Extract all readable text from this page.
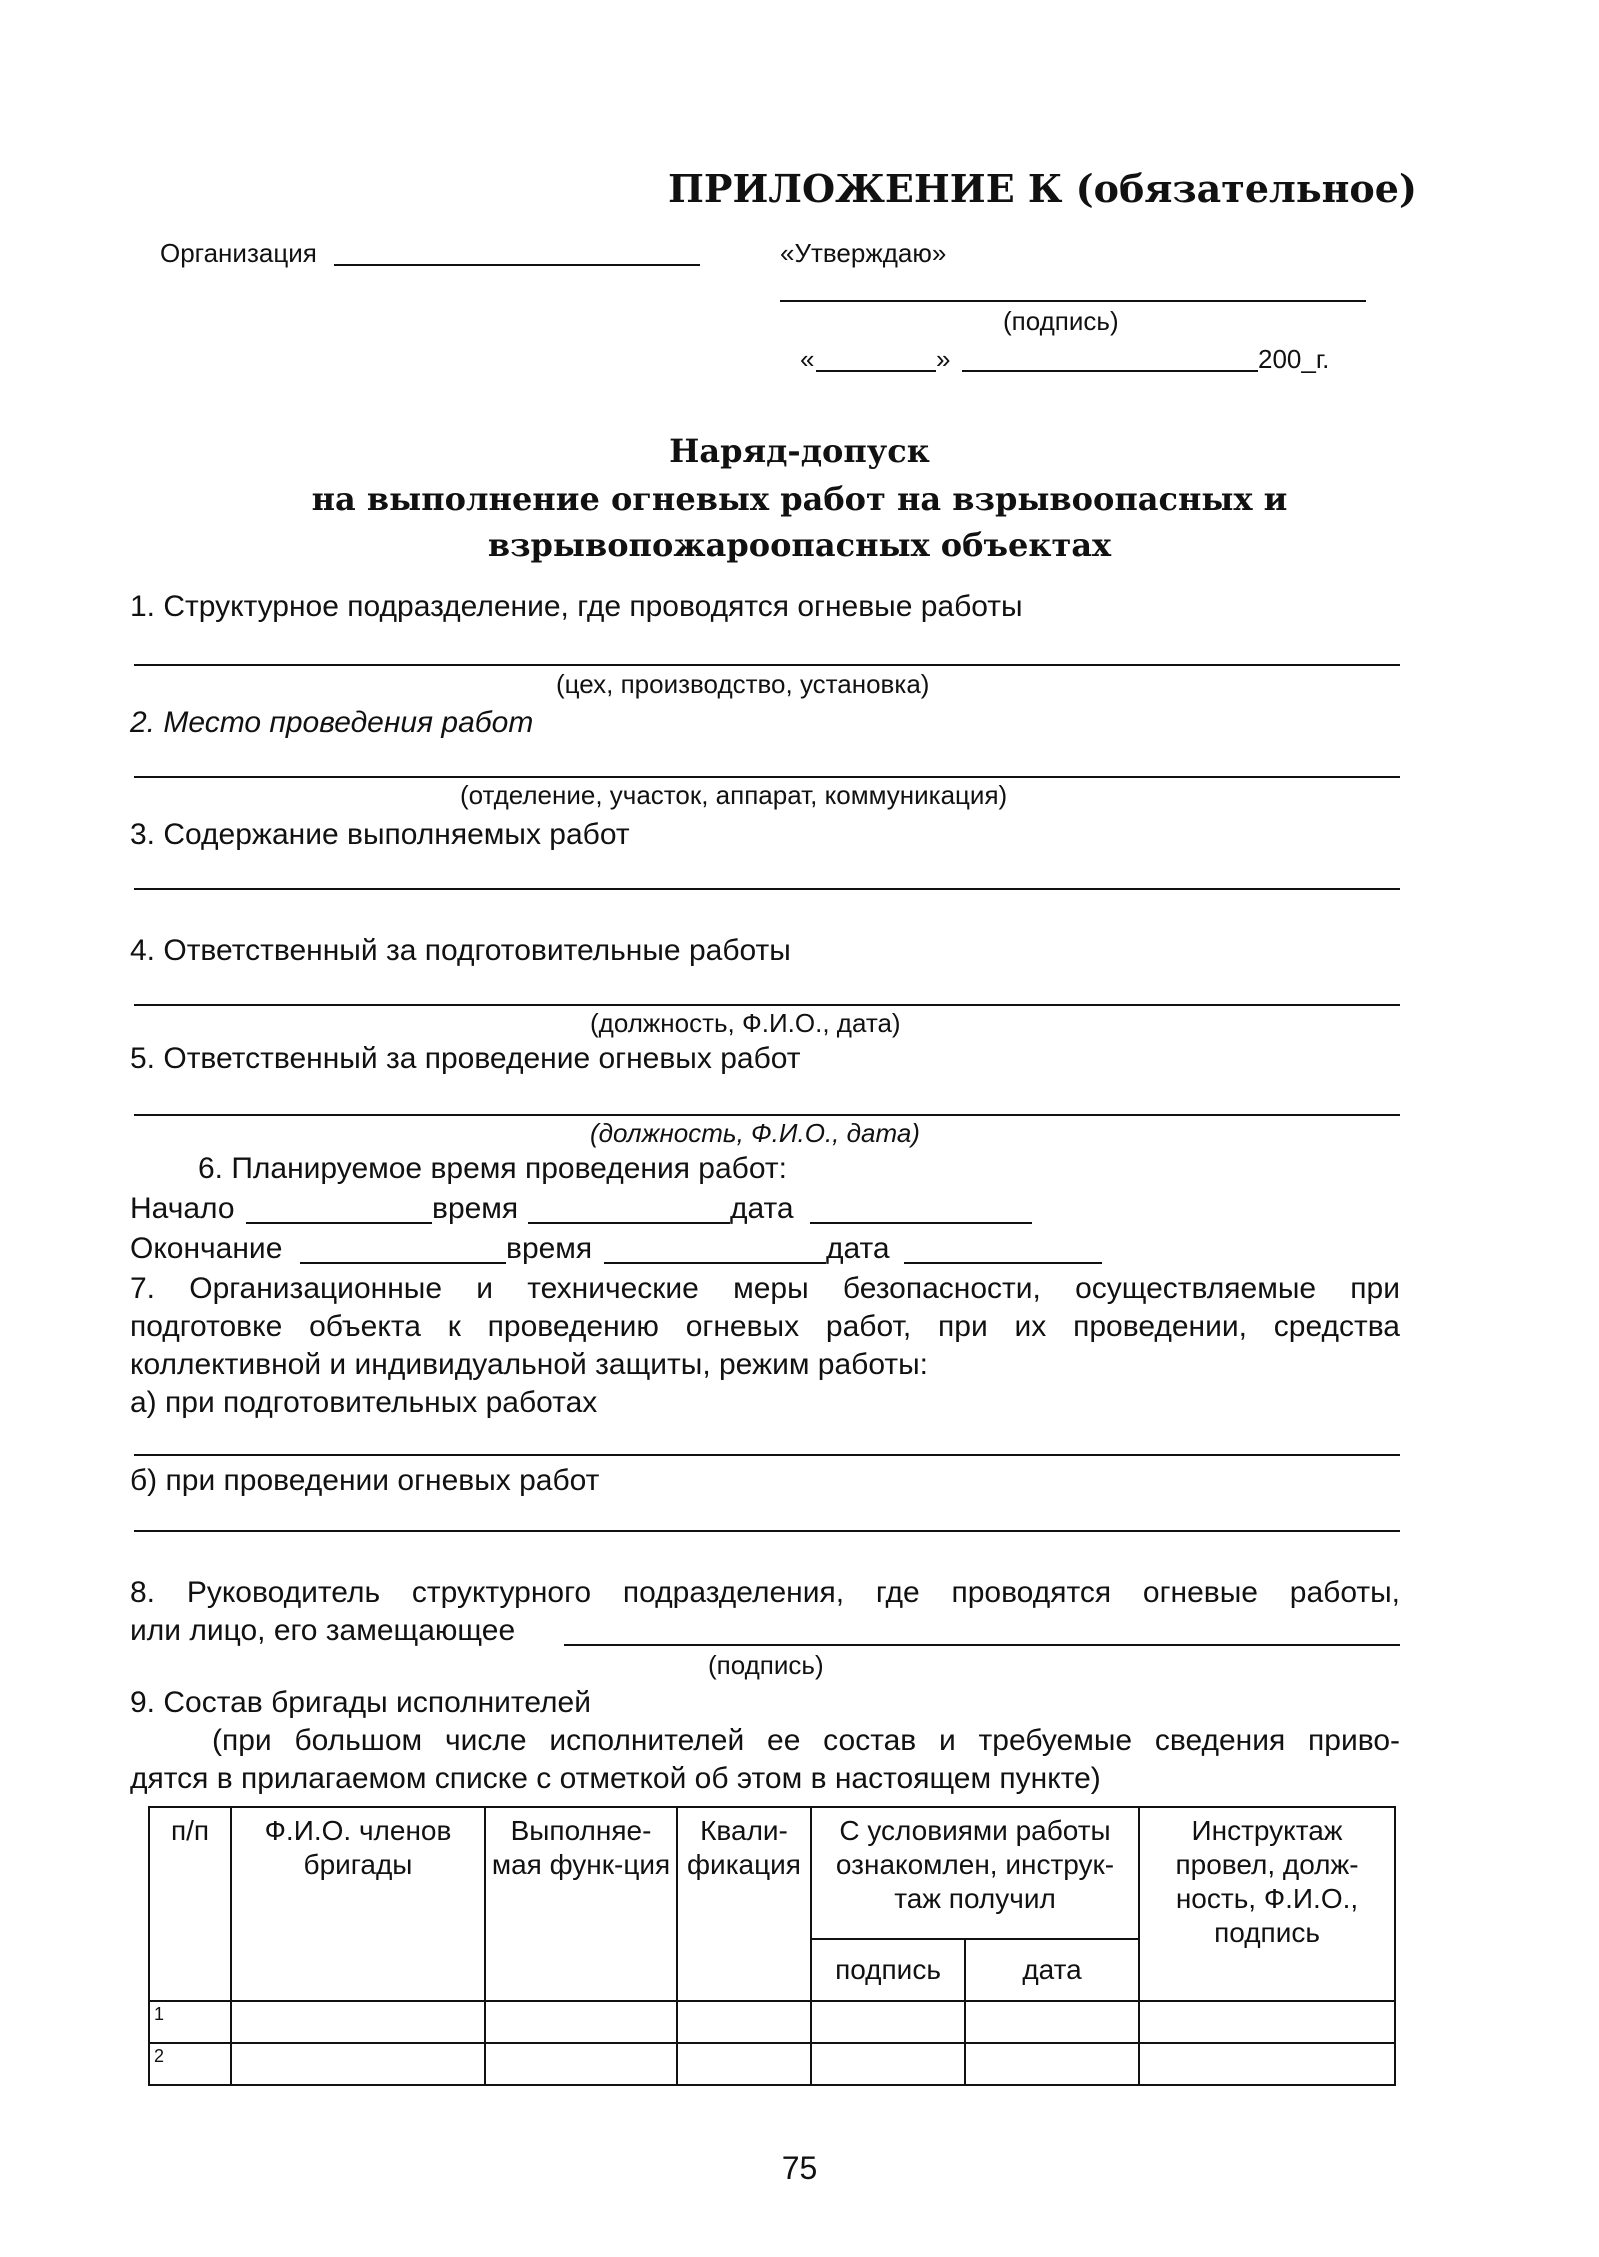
ПРИЛОЖЕНИЕ К (обязательное)
Организация	«Утверждаю»
(подпись)
«	»	200_г.
Наряд-допуск
на выполнение огневых работ на взрывоопасных и
взрывопожароопасных объектах
1. Структурное подразделение, где проводятся огневые работы
(цех, производство, установка)
2. Место проведения работ
(отделение, участок, аппарат, коммуникация)
3. Содержание выполняемых работ
4. Ответственный за подготовительные работы
(должность, Ф.И.О., дата)
5. Ответственный за проведение огневых работ
(должность, Ф.И.О., дата)
6. Планируемое время проведения работ:
Начало	время	дата
Окончание	время	дата
7. Организационные и технические меры безопасности, осуществляемые при
подготовке объекта к проведению огневых работ, при их проведении, средства
коллективной и индивидуальной защиты, режим работы:
а) при подготовительных работах
б) при проведении огневых работ
8. Руководитель структурного подразделения, где проводятся огневые работы,
или лицо, его замещающее
(подпись)
9. Состав бригады исполнителей
(при большом числе исполнителей ее состав и требуемые сведения приво-
дятся в прилагаемом списке с отметкой об этом в настоящем пункте)
п/п	Ф.И.О. членов бригады	Выполняе-мая функ-ция	Квали-фикация	С условиями работы ознакомлен, инструк-таж получил		Инструктаж провел, долж-ность, Ф.И.О., подпись
				подпись	дата	
1						
2						
75
